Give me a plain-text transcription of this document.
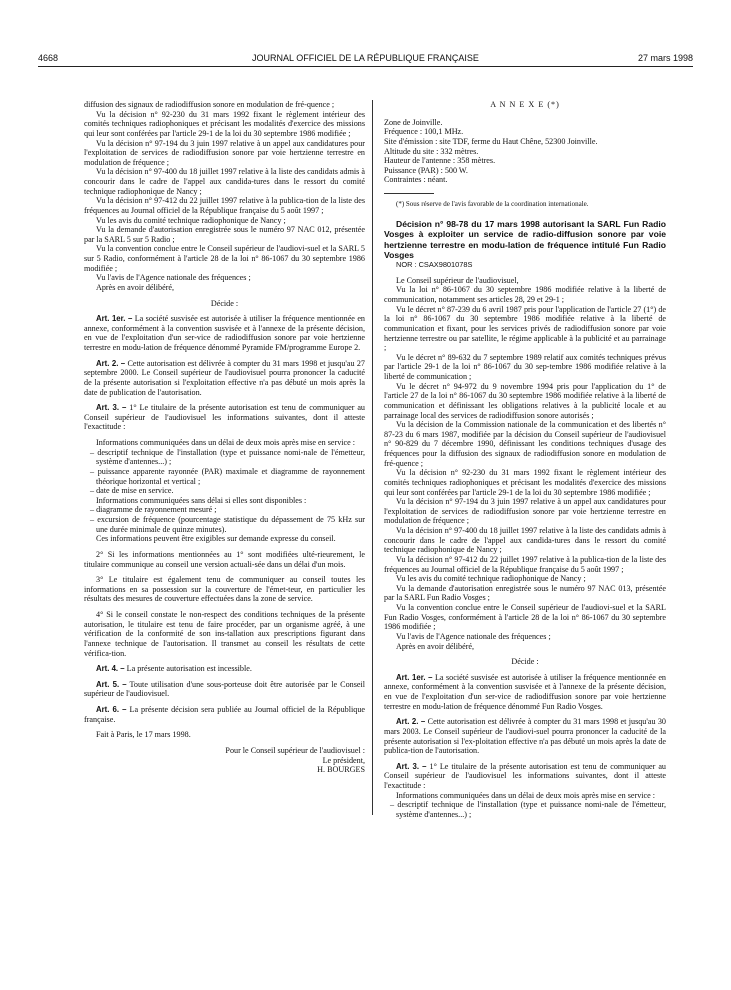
4668	JOURNAL OFFICIEL DE LA RÉPUBLIQUE FRANÇAISE	27 mars 1998

diffusion des signaux de radiodiffusion sonore en modulation de fré-quence ;

Vu la décision n° 92-230 du 31 mars 1992 fixant le règlement intérieur des comités techniques radiophoniques et précisant les modalités d'exercice des missions qui leur sont conférées par l'article 29-1 de la loi du 30 septembre 1986 modifiée ;

Vu la décision n° 97-194 du 3 juin 1997 relative à un appel aux candidatures pour l'exploitation de services de radiodiffusion sonore par voie hertzienne terrestre en modulation de fréquence ;

Vu la décision n° 97-400 du 18 juillet 1997 relative à la liste des candidats admis à concourir dans le cadre de l'appel aux candida-tures dans le ressort du comité technique radiophonique de Nancy ;

Vu la décision n° 97-412 du 22 juillet 1997 relative à la publica-tion de la liste des fréquences au Journal officiel de la République française du 5 août 1997 ;

Vu les avis du comité technique radiophonique de Nancy ;

Vu la demande d'autorisation enregistrée sous le numéro 97 NAC 012, présentée par la SARL 5 sur 5 Radio ;

Vu la convention conclue entre le Conseil supérieur de l'audiovi-suel et la SARL 5 sur 5 Radio, conformément à l'article 28 de la loi n° 86-1067 du 30 septembre 1986 modifiée ;

Vu l'avis de l'Agence nationale des fréquences ;

Après en avoir délibéré,

Décide :

Art. 1er. – La société susvisée est autorisée à utiliser la fréquence mentionnée en annexe, conformément à la convention susvisée et à l'annexe de la présente décision, en vue de l'exploitation d'un ser-vice de radiodiffusion sonore par voie hertzienne terrestre en modu-lation de fréquence dénommé Pyramide FM/programme Europe 2.

Art. 2. – Cette autorisation est délivrée à compter du 31 mars 1998 et jusqu'au 27 septembre 2000. Le Conseil supérieur de l'audiovisuel pourra prononcer la caducité de la présente autorisation si l'exploitation effective n'a pas débuté un mois après la date de publication de l'autorisation.

Art. 3. – 1° Le titulaire de la présente autorisation est tenu de communiquer au Conseil supérieur de l'audiovisuel les informations suivantes, dont il atteste l'exactitude :

Informations communiquées dans un délai de deux mois après mise en service :

– descriptif technique de l'installation (type et puissance nomi-nale de l'émetteur, système d'antennes...) ;

– puissance apparente rayonnée (PAR) maximale et diagramme de rayonnement théorique horizontal et vertical ;

– date de mise en service.

Informations communiquées sans délai si elles sont disponibles :

– diagramme de rayonnement mesuré ;

– excursion de fréquence (pourcentage statistique du dépassement de 75 kHz sur une durée minimale de quinze minutes).

Ces informations peuvent être exigibles sur demande expresse du conseil.

2° Si les informations mentionnées au 1° sont modifiées ulté-rieurement, le titulaire communique au conseil une version actuali-sée dans un délai d'un mois.

3° Le titulaire est également tenu de communiquer au conseil toutes les informations en sa possession sur la couverture de l'émet-teur, en particulier les résultats des mesures de couverture effectuées dans la zone de service.

4° Si le conseil constate le non-respect des conditions techniques de la présente autorisation, le titulaire est tenu de faire procéder, par un organisme agréé, à une vérification de la conformité de son ins-tallation aux prescriptions figurant dans l'annexe technique de l'autorisation. Il transmet au conseil les résultats de cette vérifica-tion.

Art. 4. – La présente autorisation est incessible.

Art. 5. – Toute utilisation d'une sous-porteuse doit être autorisée par le Conseil supérieur de l'audiovisuel.

Art. 6. – La présente décision sera publiée au Journal officiel de la République française.

Fait à Paris, le 17 mars 1998.

Pour le Conseil supérieur de l'audiovisuel :

Le président,

H. BOURGES

A N N E X E (*)

Zone de Joinville.

Fréquence : 100,1 MHz.

Site d'émission : site TDF, ferme du Haut Chêne, 52300 Joinville.

Altitude du site : 332 mètres.

Hauteur de l'antenne : 358 mètres.

Puissance (PAR) : 500 W.

Contraintes : néant.

(*) Sous réserve de l'avis favorable de la coordination internationale.

Décision n° 98-78 du 17 mars 1998 autorisant la SARL Fun Radio Vosges à exploiter un service de radio-diffusion sonore par voie hertzienne terrestre en modu-lation de fréquence intitulé Fun Radio Vosges

NOR : CSAX9801078S

Le Conseil supérieur de l'audiovisuel,

Vu la loi n° 86-1067 du 30 septembre 1986 modifiée relative à la liberté de communication, notamment ses articles 28, 29 et 29-1 ;

Vu le décret n° 87-239 du 6 avril 1987 pris pour l'application de l'article 27 (1°) de la loi n° 86-1067 du 30 septembre 1986 modifiée relative à la liberté de communication et fixant, pour les services privés de radiodiffusion sonore par voie hertzienne terrestre ou par satellite, le régime applicable à la publicité et au parrainage ;

Vu le décret n° 89-632 du 7 septembre 1989 relatif aux comités techniques prévus par l'article 29-1 de la loi n° 86-1067 du 30 sep-tembre 1986 modifiée relative à la liberté de communication ;

Vu le décret n° 94-972 du 9 novembre 1994 pris pour l'application du 1° de l'article 27 de la loi n° 86-1067 du 30 septembre 1986 modifiée relative à la liberté de communication et définissant les obligations relatives à la publicité locale et au parrainage local des services de radiodiffusion sonore autorisés ;

Vu la décision de la Commission nationale de la communication et des libertés n° 87-23 du 6 mars 1987, modifiée par la décision du Conseil supérieur de l'audiovisuel n° 90-829 du 7 décembre 1990, définissant les conditions techniques d'usage des fréquences pour la diffusion des signaux de radiodiffusion sonore en modulation de fré-quence ;

Vu la décision n° 92-230 du 31 mars 1992 fixant le règlement intérieur des comités techniques radiophoniques et précisant les modalités d'exercice des missions qui leur sont conférées par l'article 29-1 de la loi du 30 septembre 1986 modifiée ;

Vu la décision n° 97-194 du 3 juin 1997 relative à un appel aux candidatures pour l'exploitation de services de radiodiffusion sonore par voie hertzienne terrestre en modulation de fréquence ;

Vu la décision n° 97-400 du 18 juillet 1997 relative à la liste des candidats admis à concourir dans le cadre de l'appel aux candida-tures dans le ressort du comité technique radiophonique de Nancy ;

Vu la décision n° 97-412 du 22 juillet 1997 relative à la publica-tion de la liste des fréquences au Journal officiel de la République française du 5 août 1997 ;

Vu les avis du comité technique radiophonique de Nancy ;

Vu la demande d'autorisation enregistrée sous le numéro 97 NAC 013, présentée par la SARL Fun Radio Vosges ;

Vu la convention conclue entre le Conseil supérieur de l'audiovi-suel et la SARL Fun Radio Vosges, conformément à l'article 28 de la loi n° 86-1067 du 30 septembre 1986 modifiée ;

Vu l'avis de l'Agence nationale des fréquences ;

Après en avoir délibéré,

Décide :

Art. 1er. – La société susvisée est autorisée à utiliser la fréquence mentionnée en annexe, conformément à la convention susvisée et à l'annexe de la présente décision, en vue de l'exploitation d'un ser-vice de radiodiffusion sonore par voie hertzienne terrestre en modu-lation de fréquence dénommé Fun Radio Vosges.

Art. 2. – Cette autorisation est délivrée à compter du 31 mars 1998 et jusqu'au 30 mars 2003. Le Conseil supérieur de l'audiovi-suel pourra prononcer la caducité de la présente autorisation si l'ex-ploitation effective n'a pas débuté un mois après la date de publica-tion de l'autorisation.

Art. 3. – 1° Le titulaire de la présente autorisation est tenu de communiquer au Conseil supérieur de l'audiovisuel les informations suivantes, dont il atteste l'exactitude :

Informations communiquées dans un délai de deux mois après mise en service :

– descriptif technique de l'installation (type et puissance nomi-nale de l'émetteur, système d'antennes...) ;
